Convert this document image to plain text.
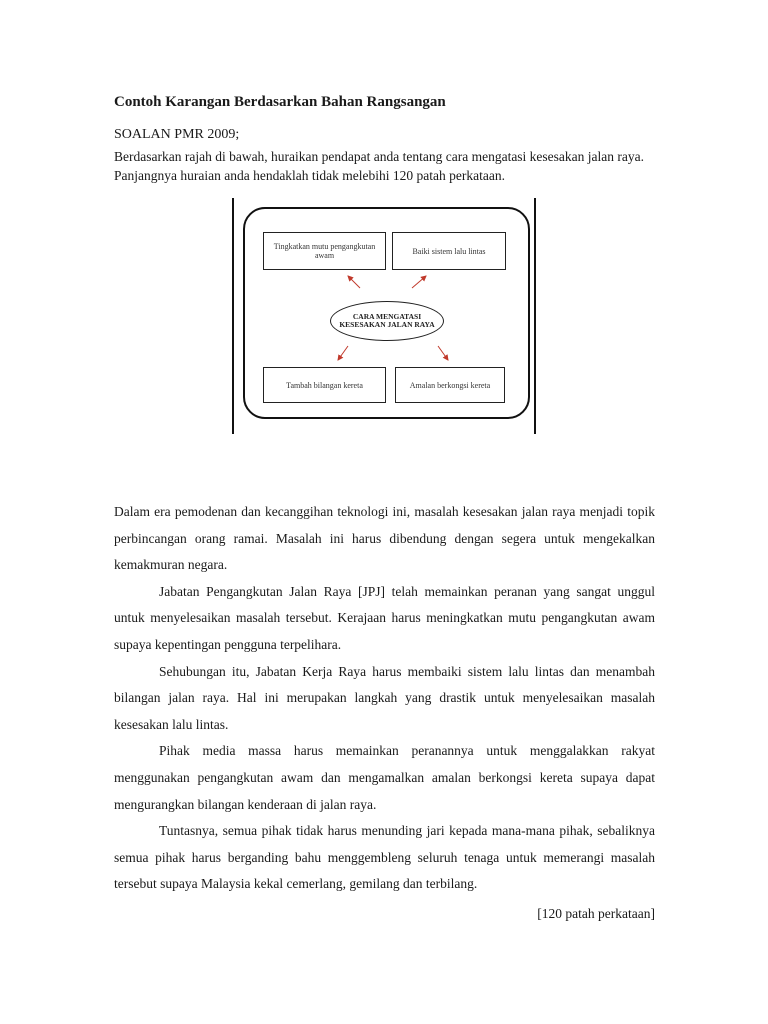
Contoh Karangan Berdasarkan Bahan Rangsangan
SOALAN PMR 2009;
Berdasarkan rajah di bawah, huraikan pendapat anda tentang cara mengatasi kesesakan jalan raya. Panjangnya huraian anda hendaklah tidak melebihi 120 patah perkataan.
Tingkatkan mutu pengangkutan awam	Baiki sistem lalu lintas
CARA MENGATASI KESESAKAN JALAN RAYA
Tambah bilangan kereta	Amalan berkongsi kereta

Dalam era pemodenan dan kecanggihan teknologi ini, masalah kesesakan jalan raya menjadi topik perbincangan orang ramai. Masalah ini harus dibendung dengan segera untuk mengekalkan kemakmuran negara.

Jabatan Pengangkutan Jalan Raya [JPJ] telah memainkan peranan yang sangat unggul untuk menyelesaikan masalah tersebut. Kerajaan harus meningkatkan mutu pengangkutan awam supaya kepentingan pengguna terpelihara.

Sehubungan itu, Jabatan Kerja Raya harus membaiki sistem lalu lintas dan menambah bilangan jalan raya. Hal ini merupakan langkah yang drastik untuk menyelesaikan masalah kesesakan lalu lintas.

Pihak media massa harus memainkan peranannya untuk menggalakkan rakyat menggunakan pengangkutan awam dan mengamalkan amalan berkongsi kereta supaya dapat mengurangkan bilangan kenderaan di jalan raya.

Tuntasnya, semua pihak tidak harus menunding jari kepada mana-mana pihak, sebaliknya semua pihak harus berganding bahu menggembleng seluruh tenaga untuk memerangi masalah tersebut supaya Malaysia kekal cemerlang, gemilang dan terbilang.

[120 patah perkataan]
